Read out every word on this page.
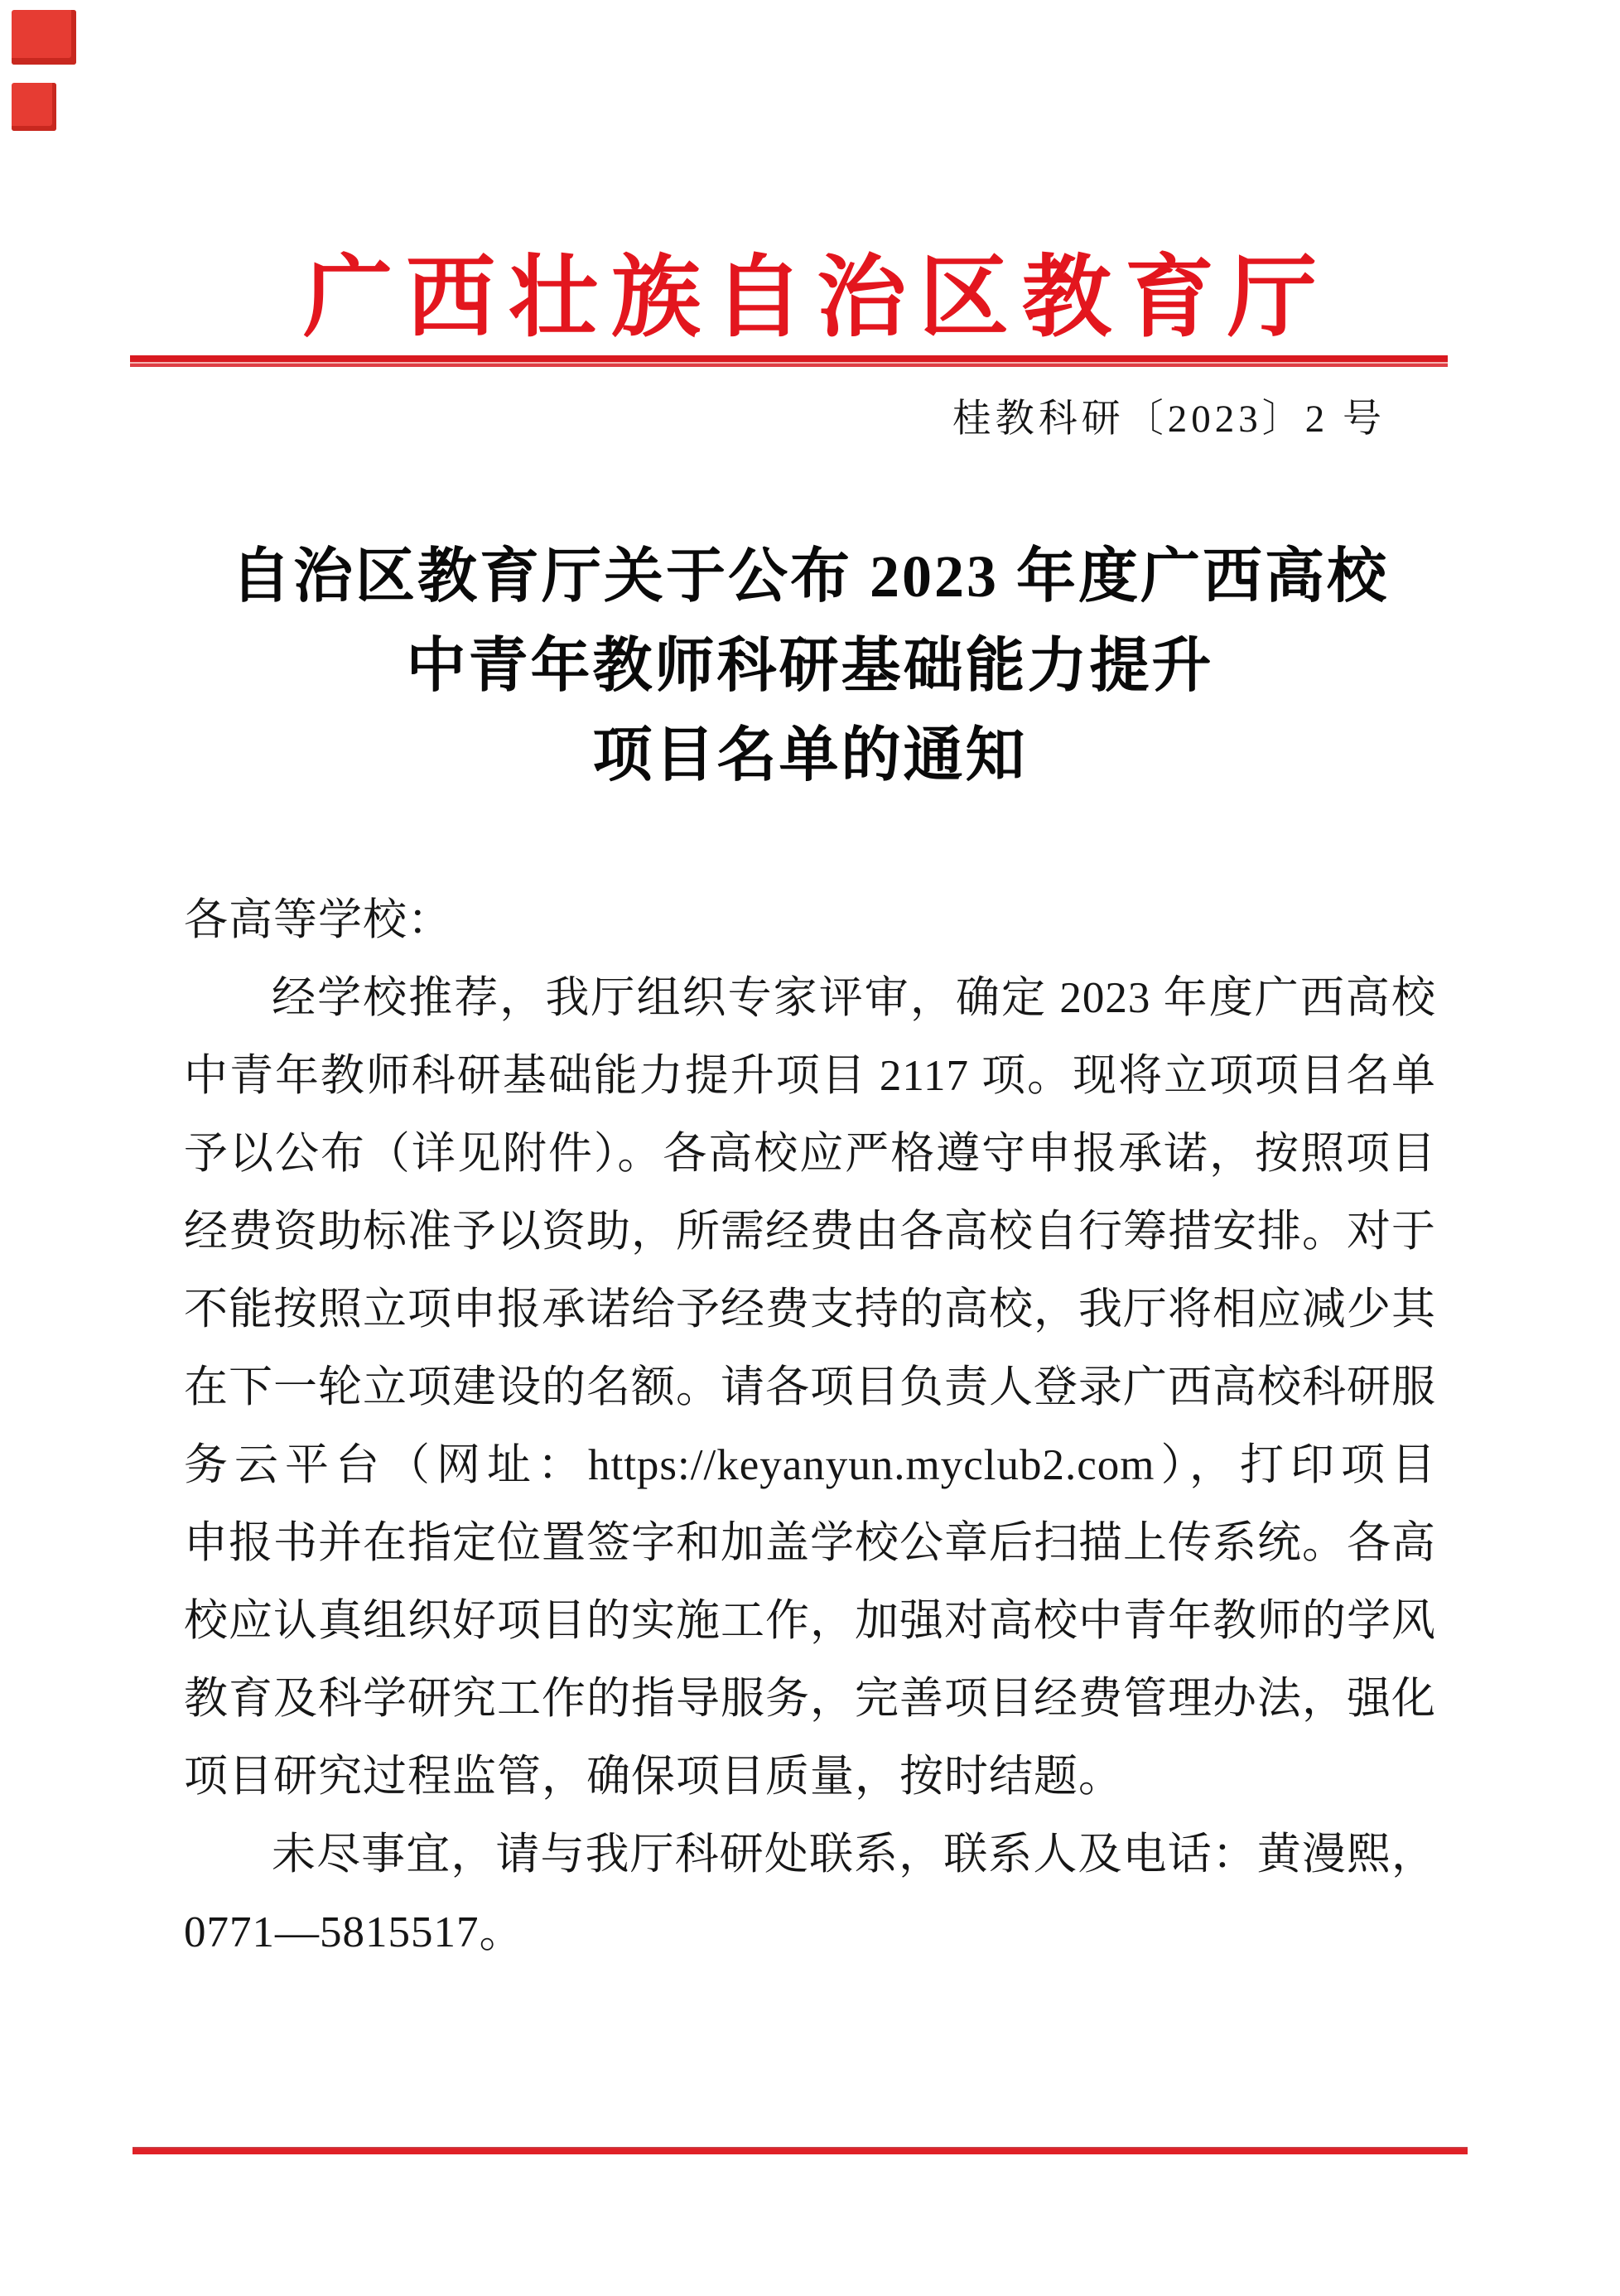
广西壮族自治区教育厅
桂教科研〔2023〕2 号
自治区教育厅关于公布 2023 年度广西高校
中青年教师科研基础能力提升
项目名单的通知
各高等学校：
经学校推荐，我厅组织专家评审，确定 2023 年度广西高校
中青年教师科研基础能力提升项目 2117 项。现将立项项目名单
予以公布（详见附件）。各高校应严格遵守申报承诺，按照项目
经费资助标准予以资助，所需经费由各高校自行筹措安排。对于
不能按照立项申报承诺给予经费支持的高校，我厅将相应减少其
在下一轮立项建设的名额。请各项目负责人登录广西高校科研服
务云平台（网址：https://keyanyun.myclub2.com），打印项目
申报书并在指定位置签字和加盖学校公章后扫描上传系统。各高
校应认真组织好项目的实施工作，加强对高校中青年教师的学风
教育及科学研究工作的指导服务，完善项目经费管理办法，强化
项目研究过程监管，确保项目质量，按时结题。
未尽事宜，请与我厅科研处联系，联系人及电话：黄漫熙，
0771—5815517。
